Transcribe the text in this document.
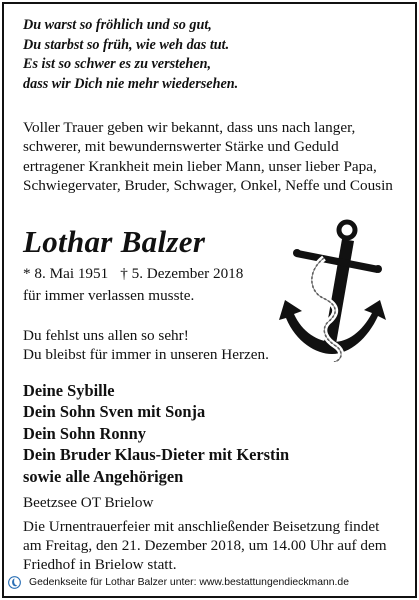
Du warst so fröhlich und so gut,
Du starbst so früh, wie weh das tut.
Es ist so schwer es zu verstehen,
dass wir Dich nie mehr wiedersehen.
Voller Trauer geben wir bekannt, dass uns nach langer, schwerer, mit bewundernswerter Stärke und Geduld ertragener Krankheit mein lieber Mann, unser lieber Papa, Schwiegervater, Bruder, Schwager, Onkel, Neffe und Cousin
Lothar Balzer
* 8. Mai 1951 † 5. Dezember 2018
für immer verlassen musste.
Du fehlst uns allen so sehr!
Du bleibst für immer in unseren Herzen.
Deine Sybille
Dein Sohn Sven mit Sonja
Dein Sohn Ronny
Dein Bruder Klaus-Dieter mit Kerstin
sowie alle Angehörigen
Beetzsee OT Brielow
Die Urnentrauerfeier mit anschließender Beisetzung findet am Freitag, den 21. Dezember 2018, um 14.00 Uhr auf dem Friedhof in Brielow statt.
Gedenkseite für Lothar Balzer unter: www.bestattungendieckmann.de
